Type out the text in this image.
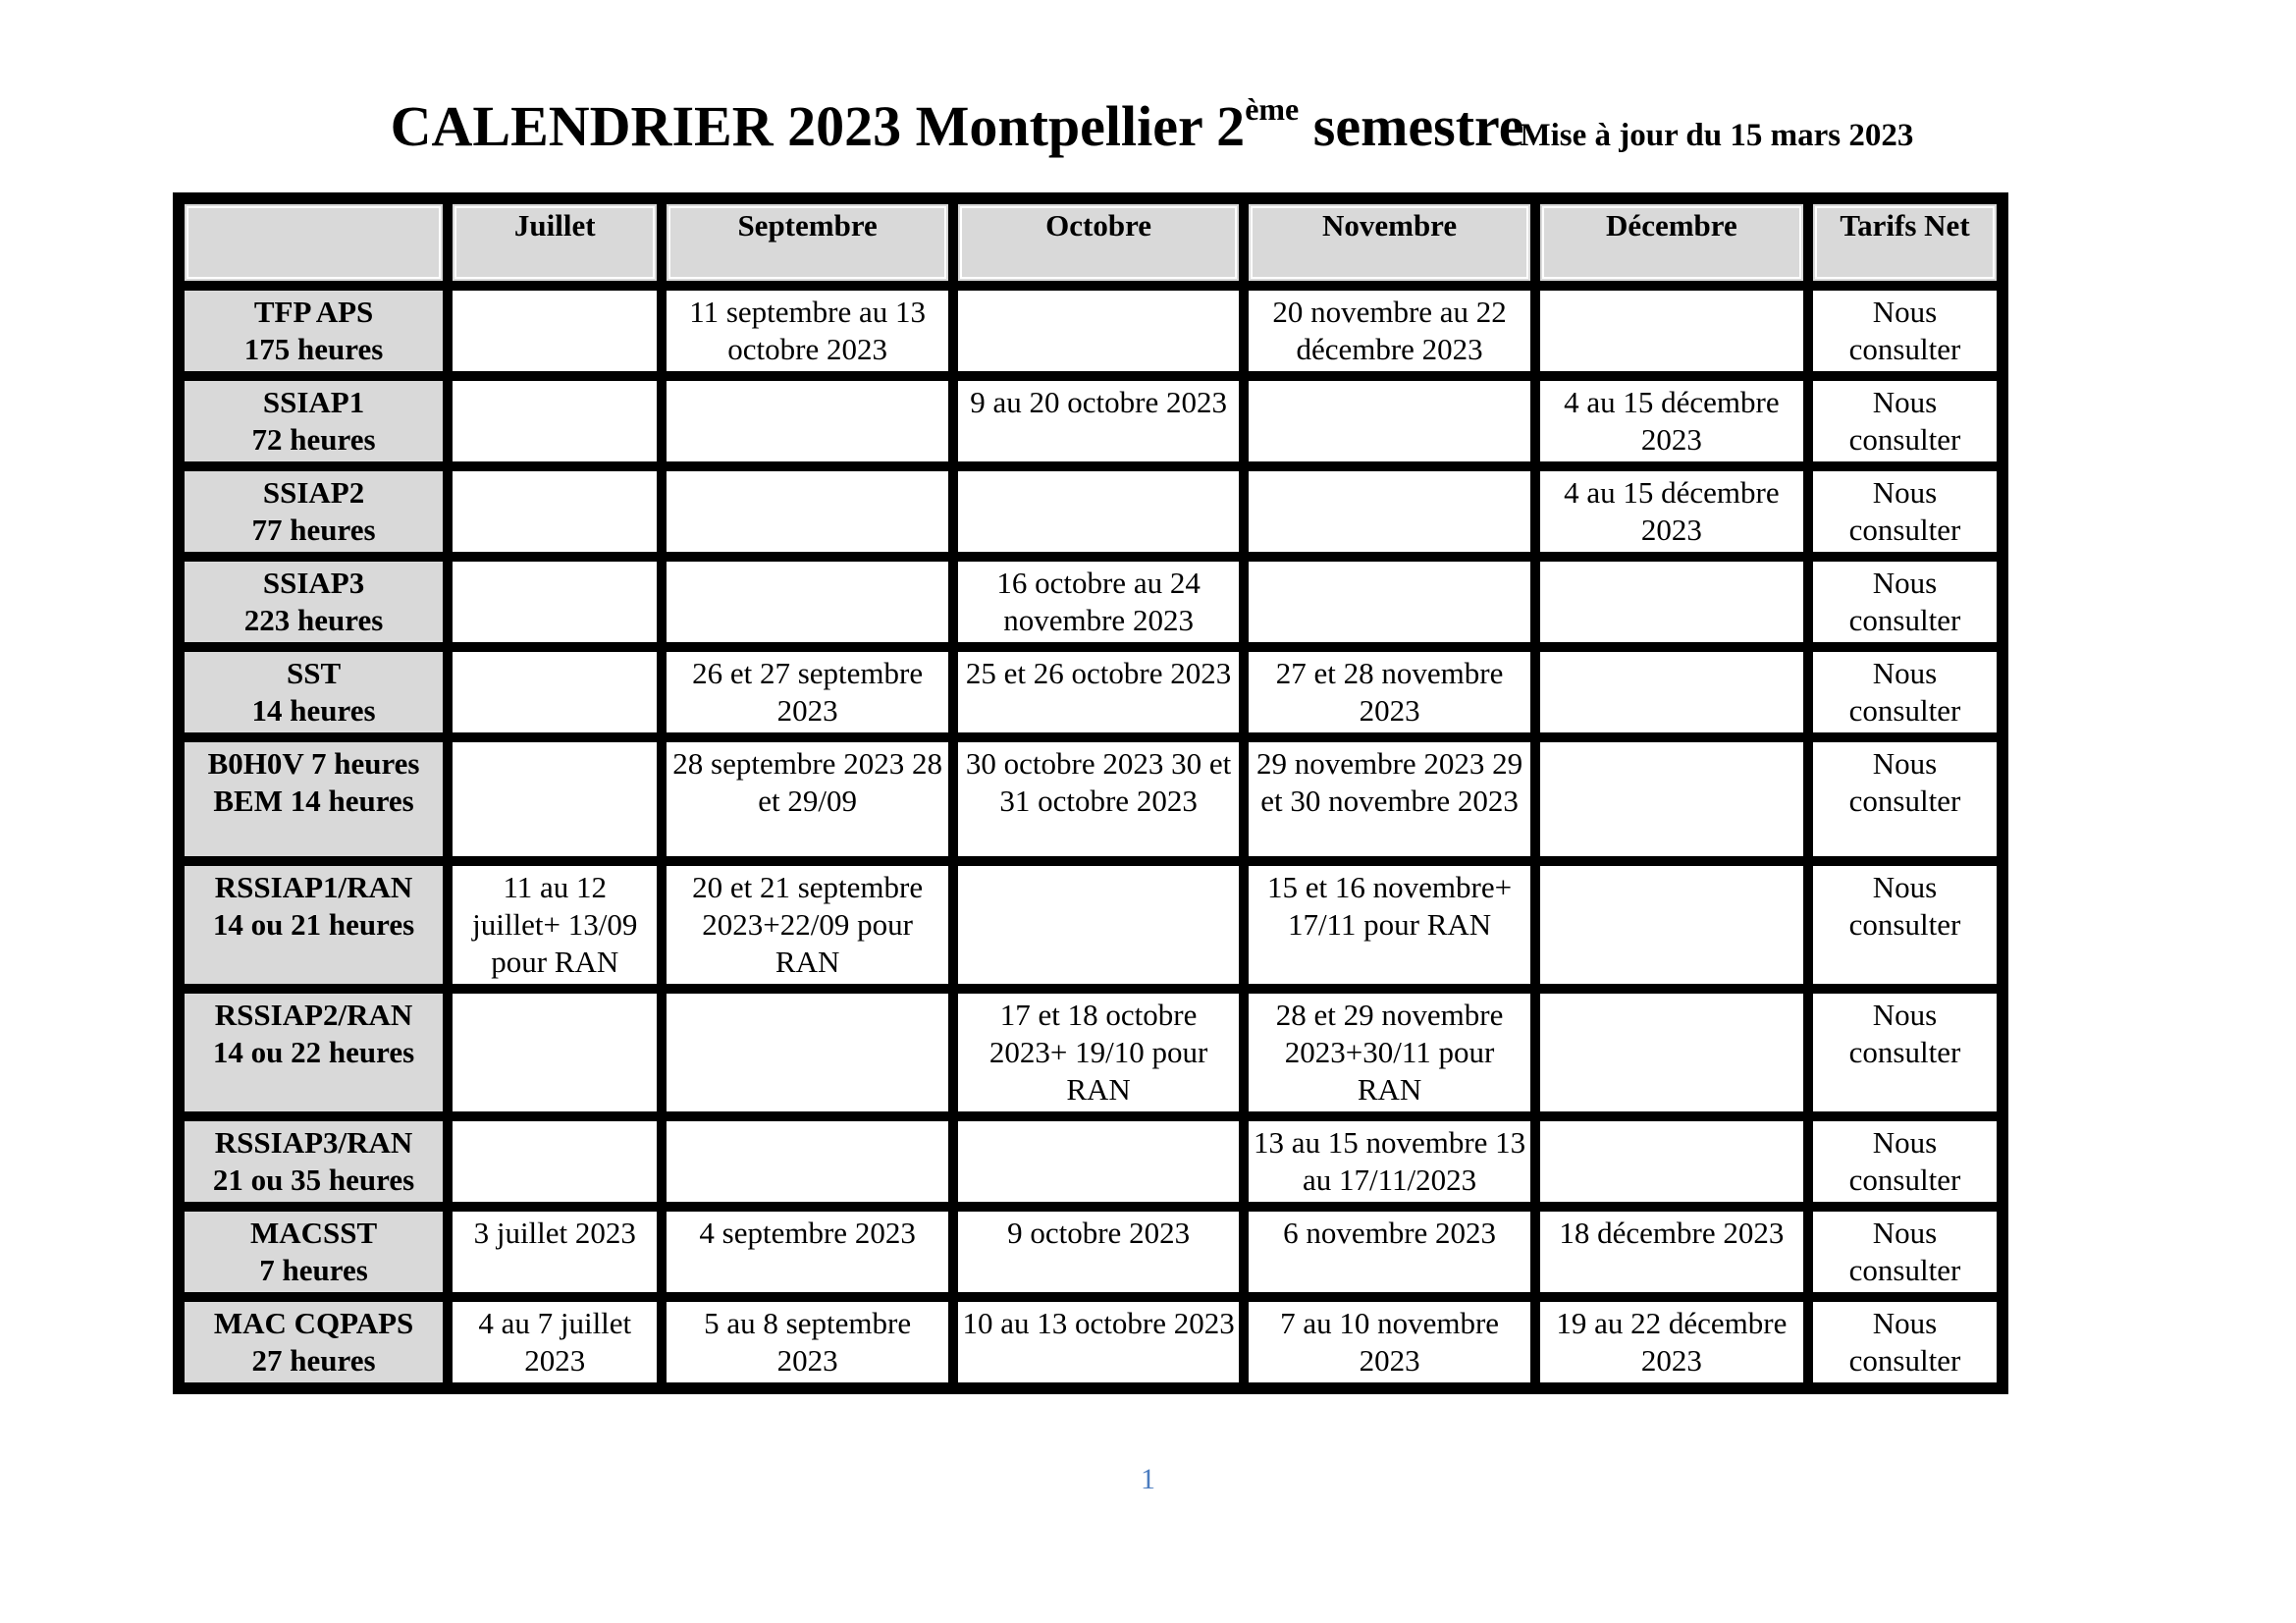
CALENDRIER 2023 Montpellier 2ème semestre Mise à jour du 15 mars 2023
	Juillet	Septembre	Octobre	Novembre	Décembre	Tarifs Net

TFP APS
175 heures		11 septembre au 13 octobre 2023		20 novembre au 22 décembre 2023		Nous consulter

SSIAP1
72 heures			9 au 20 octobre 2023		4 au 15 décembre 2023	Nous consulter

SSIAP2
77 heures					4 au 15 décembre 2023	Nous consulter

SSIAP3
223 heures			16 octobre au 24 novembre 2023			Nous consulter

SST
14 heures		26 et 27 septembre 2023	25 et 26 octobre 2023	27 et 28 novembre 2023		Nous consulter

B0H0V 7 heures
BEM 14 heures		28 septembre 2023 28 et 29/09	30 octobre 2023 30 et 31 octobre 2023	29 novembre 2023 29 et 30 novembre 2023		Nous consulter

RSSIAP1/RAN
14 ou 21 heures	11 au 12 juillet+ 13/09 pour RAN	20 et 21 septembre 2023+22/09 pour RAN		15 et 16 novembre+ 17/11 pour RAN		Nous consulter

RSSIAP2/RAN
14 ou 22 heures			17 et 18 octobre 2023+ 19/10 pour RAN	28 et 29 novembre 2023+30/11 pour RAN		Nous consulter

RSSIAP3/RAN
21 ou 35 heures				13 au 15 novembre 13 au 17/11/2023		Nous consulter

MACSST
7 heures	3 juillet 2023	4 septembre 2023	9 octobre 2023	6 novembre 2023	18 décembre 2023	Nous consulter

MAC CQPAPS
27 heures	4 au 7 juillet 2023	5 au 8 septembre 2023	10 au 13 octobre 2023	7 au 10 novembre 2023	19 au 22 décembre 2023	Nous consulter
1
